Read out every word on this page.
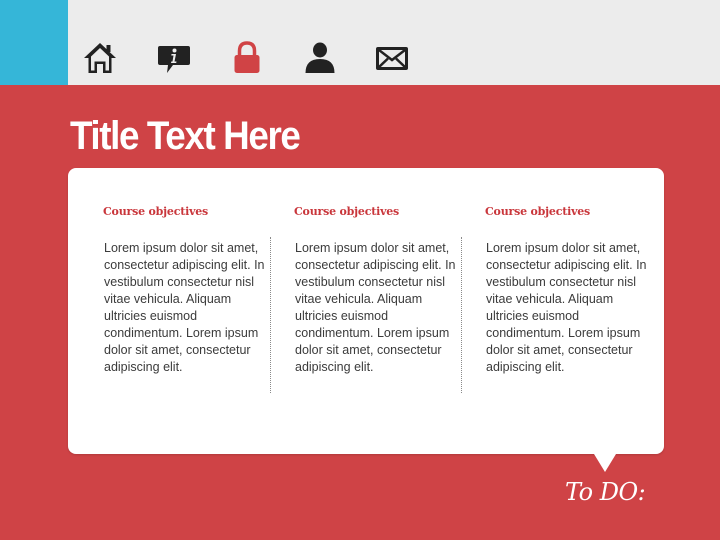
Title Text Here
Course objectives

Lorem ipsum dolor sit amet, consectetur adipiscing elit. In vestibulum consectetur nisl vitae vehicula. Aliquam ultricies euismod condimentum. Lorem ipsum dolor sit amet, consectetur adipiscing elit.

Course objectives

Lorem ipsum dolor sit amet, consectetur adipiscing elit. In vestibulum consectetur nisl vitae vehicula. Aliquam ultricies euismod condimentum. Lorem ipsum dolor sit amet, consectetur adipiscing elit.

Course objectives

Lorem ipsum dolor sit amet, consectetur adipiscing elit. In vestibulum consectetur nisl vitae vehicula. Aliquam ultricies euismod condimentum. Lorem ipsum dolor sit amet, consectetur adipiscing elit.

To DO:
